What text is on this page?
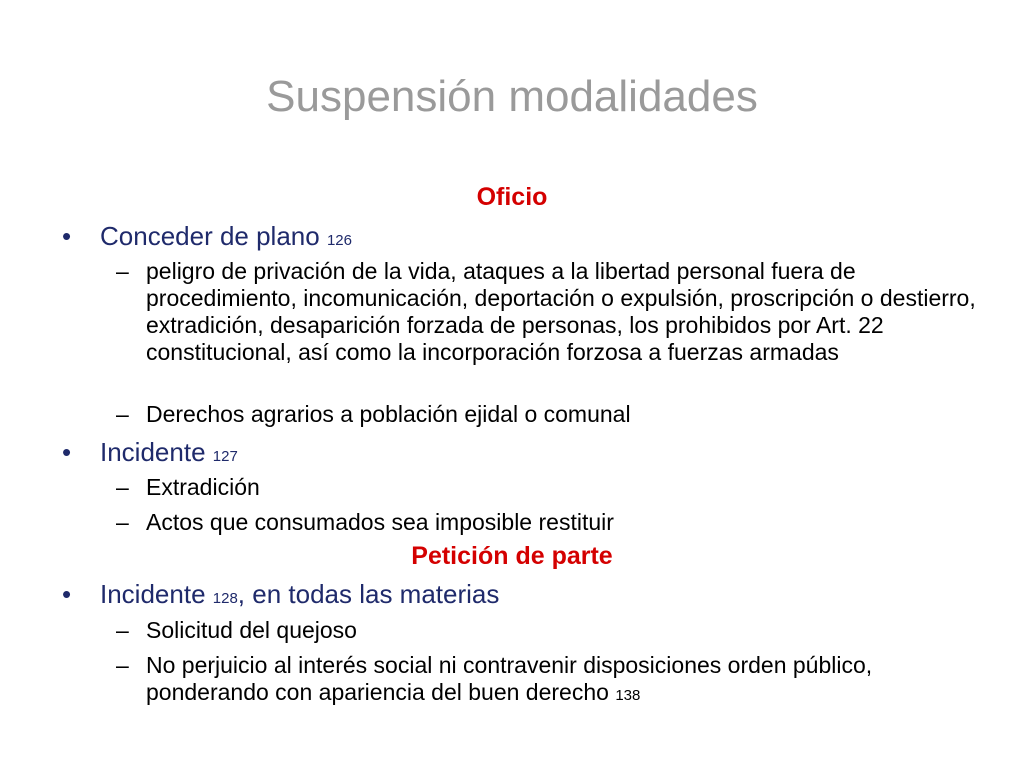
Suspensión modalidades
Oficio
• Conceder de plano 126
– peligro de privación de la vida, ataques a la libertad personal fuera de procedimiento, incomunicación, deportación o expulsión, proscripción o destierro, extradición, desaparición forzada de personas, los prohibidos por Art. 22 constitucional, así como la incorporación forzosa a fuerzas armadas
– Derechos agrarios a población ejidal o comunal
• Incidente 127
– Extradición
– Actos que consumados sea imposible restituir
Petición de parte
• Incidente 128, en todas las materias
– Solicitud del quejoso
– No perjuicio al interés social ni contravenir disposiciones orden público, ponderando con apariencia del buen derecho 138
